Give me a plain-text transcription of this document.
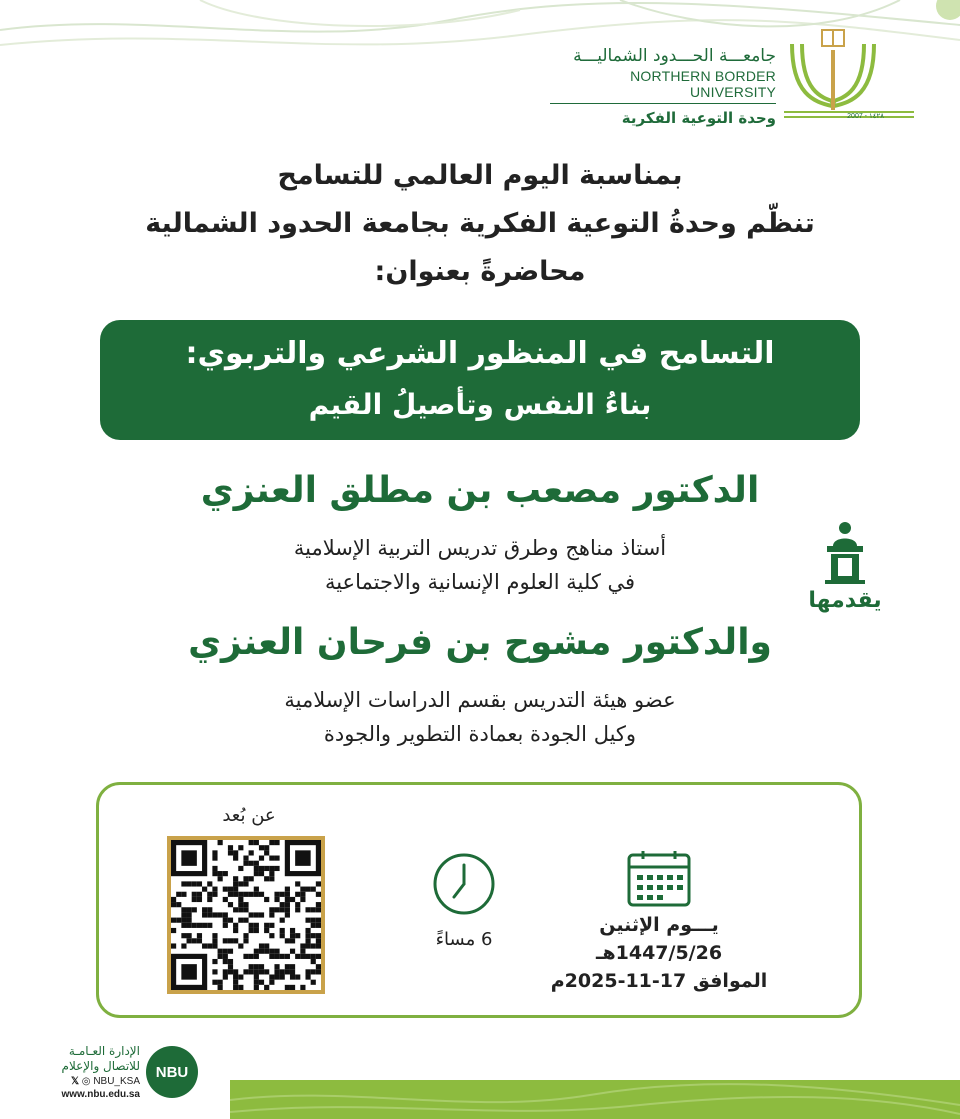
جامعـــة الحـــدود الشماليـــة
NORTHERN BORDER UNIVERSITY
وحدة التوعية الفكرية	2007 - ١٤٢٨
بمناسبة اليوم العالمي للتسامح
تنظّم وحدةُ التوعية الفكرية بجامعة الحدود الشمالية
محاضرةً بعنوان:
التسامح في المنظور الشرعي والتربوي:
بناءُ النفس وتأصيلُ القيم
الدكتور مصعب بن مطلق العنزي
أستاذ مناهج وطرق تدريس التربية الإسلامية
في كلية العلوم الإنسانية والاجتماعية
يقدمها
والدكتور مشوح بن فرحان العنزي
عضو هيئة التدريس بقسم الدراسات الإسلامية
وكيل الجودة بعمادة التطوير والجودة
يـــوم الإثنين
1447/5/26هـ
الموافق 17-11-2025م
6 مساءً
عن بُعد
الإدارة العـامـة
للاتصال والإعلام
𝕏 ◎ NBU_KSA
www.nbu.edu.sa
NBU
